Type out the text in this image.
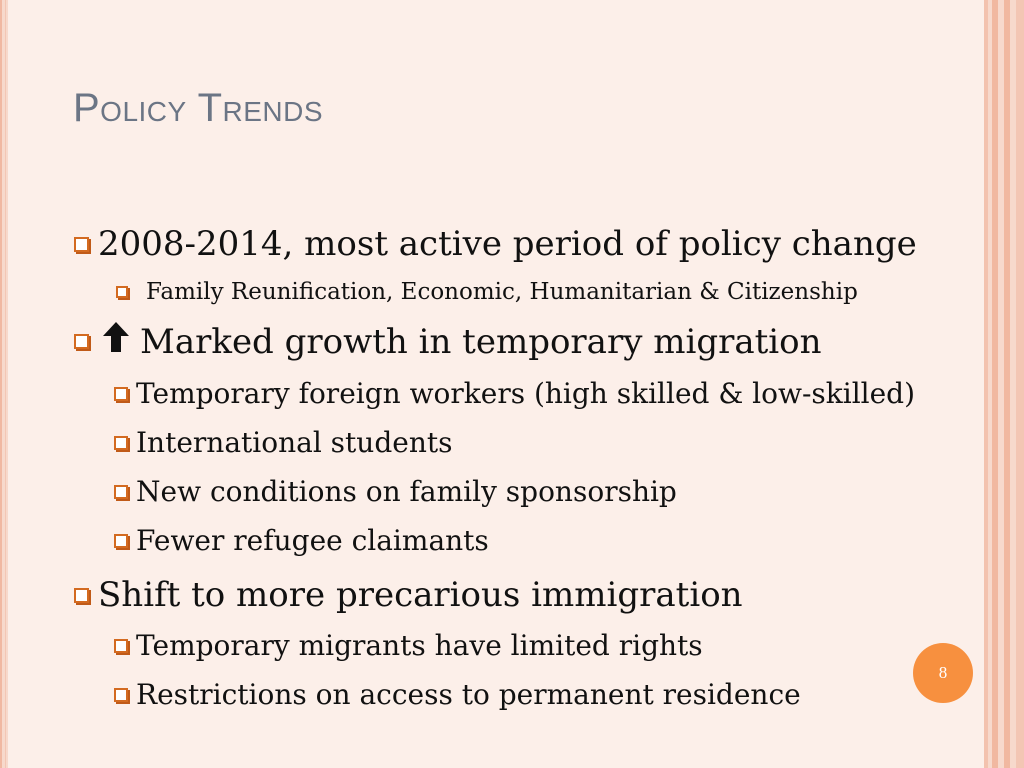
Policy Trends
2008-2014, most active period of policy change
Family Reunification, Economic, Humanitarian & Citizenship
Marked growth in temporary migration
Temporary foreign workers (high skilled & low-skilled)
International students
New conditions on family sponsorship
Fewer refugee claimants
Shift to more precarious immigration
Temporary migrants have limited rights
Restrictions on access to permanent residence
8
